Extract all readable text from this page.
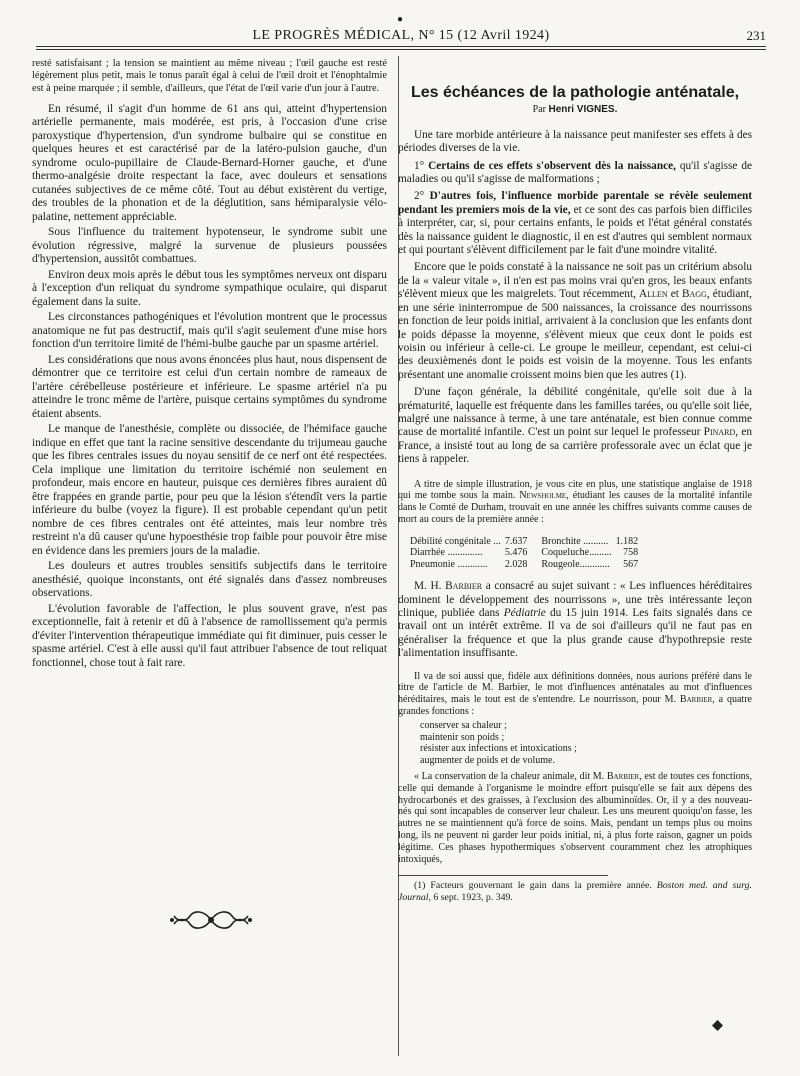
●
LE PROGRÈS MÉDICAL, N° 15 (12 Avril 1924)	231

resté satisfaisant ; la tension se maintient au même niveau ; l'œil gauche est resté légèrement plus petit, mais le tonus paraît égal à celui de l'œil droit et l'énophtalmie est à peine marquée ; il semble, d'ailleurs, que l'état de l'œil varie d'un jour à l'autre.

En résumé, il s'agit d'un homme de 61 ans qui, atteint d'hypertension artérielle permanente, mais modérée, est pris, à l'occasion d'une crise paroxystique d'hypertension, d'un syndrome bulbaire qui se constitue en quelques heures et est caractérisé par de la latéro-pulsion gauche, d'un syndrome oculo-pupillaire de Claude-Bernard-Horner gauche, et d'une thermo-analgésie droite respectant la face, avec douleurs et sensations cutanées subjectives de ce même côté. Tout au début existèrent du vertige, des troubles de la phonation et de la déglutition, sans hémiparalysie vélo-palatine, nettement appréciable.

Sous l'influence du traitement hypotenseur, le syndrome subit une évolution régressive, malgré la survenue de plusieurs poussées d'hypertension, aussitôt combattues.

Environ deux mois après le début tous les symptômes nerveux ont disparu à l'exception d'un reliquat du syndrome sympathique oculaire, qui disparut également dans la suite.

Les circonstances pathogéniques et l'évolution montrent que le processus anatomique ne fut pas destructif, mais qu'il s'agit seulement d'une mise hors fonction d'un territoire limité de l'hémi-bulbe gauche par un spasme artériel.

Les considérations que nous avons énoncées plus haut, nous dispensent de démontrer que ce territoire est celui d'un certain nombre de rameaux de l'artère cérébelleuse postérieure et inférieure. Le spasme artériel n'a pu atteindre le tronc même de l'artère, puisque certains symptômes du syndrome étaient absents.

Le manque de l'anesthésie, complète ou dissociée, de l'hémiface gauche indique en effet que tant la racine sensitive descendante du trijumeau gauche que les fibres centrales issues du noyau sensitif de ce nerf ont été respectées. Cela implique une limitation du territoire ischémié non seulement en profondeur, mais encore en hauteur, puisque ces dernières fibres auraient dû être frappées en grande partie, pour peu que la lésion s'étendît vers la partie inférieure du bulbe (voyez la figure). Il est probable cependant qu'un petit nombre de ces fibres centrales ont été atteintes, mais leur nombre très restreint n'a dû causer qu'une hypoesthésie trop faible pour pouvoir être mise en évidence dans les premiers jours de la maladie.

Les douleurs et autres troubles sensitifs subjectifs dans le territoire anesthésié, quoique inconstants, ont été signalés dans d'assez nombreuses observations.

L'évolution favorable de l'affection, le plus souvent grave, n'est pas exceptionnelle, fait à retenir et dû à l'absence de ramollissement qu'a permis d'éviter l'intervention thérapeutique immédiate qui fit diminuer, puis cesser le spasme artériel. C'est à elle aussi qu'il faut attribuer l'absence de tout reliquat fonctionnel, chose tout à fait rare.

Les échéances de la pathologie anténatale,
Par Henri VIGNES.

Une tare morbide antérieure à la naissance peut manifester ses effets à des périodes diverses de la vie.

1° Certains de ces effets s'observent dès la naissance, qu'il s'agisse de maladies ou qu'il s'agisse de malformations ;

2° D'autres fois, l'influence morbide parentale se révèle seulement pendant les premiers mois de la vie, et ce sont des cas parfois bien difficiles à interpréter, car, si, pour certains enfants, le poids et l'état général constatés dès la naissance guident le diagnostic, il en est d'autres qui semblent normaux et qui pourtant s'élèvent difficilement par le fait d'une moindre vitalité.

Encore que le poids constaté à la naissance ne soit pas un critérium absolu de la « valeur vitale », il n'en est pas moins vrai qu'en gros, les beaux enfants s'élèvent mieux que les maigrelets. Tout récemment, Allen et Bagg, étudiant, en une série ininterrompue de 500 naissances, la croissance des nourrissons en fonction de leur poids initial, arrivaient à la conclusion que les enfants dont le poids dépasse la moyenne, s'élèvent mieux que ceux dont le poids est voisin ou inférieur à celle-ci. Le groupe le meilleur, cependant, est celui-ci des deuxièmenés dont le poids est voisin de la moyenne. Tous les enfants présentant une anomalie croissent moins bien que les autres (1).

D'une façon générale, la débilité congénitale, qu'elle soit due à la prématurité, laquelle est fréquente dans les familles tarées, ou qu'elle soit liée, malgré une naissance à terme, à une tare anténatale, est bien connue comme cause de mortalité infantile. C'est un point sur lequel le professeur Pinard, en France, a insisté tout au long de sa carrière professorale avec un éclat que je tiens à rappeler.

A titre de simple illustration, je vous cite en plus, une statistique anglaise de 1918 qui me tombe sous la main. Newsholme, étudiant les causes de la mortalité infantile dans le Comté de Durham, trouvait en une année les chiffres suivants comme causes de mort au cours de la première année :

Débilité congénitale ...	7.637	Bronchite ..........	1.182
Diarrhée ..............	5.476	Coqueluche.........	758
Pneumonie ............	2.028	Rougeole............	567

M. H. Barbier a consacré au sujet suivant : « Les influences héréditaires dominent le développement des nourrissons », une très intéressante leçon clinique, publiée dans Pédiatrie du 15 juin 1914. Les faits signalés dans ce travail ont un intérêt extrême. Il va de soi d'ailleurs qu'il ne faut pas en généraliser la fréquence et que la plus grande cause d'hypothrepsie reste l'alimentation insuffisante.

Il va de soi aussi que, fidèle aux définitions données, nous aurions préféré dans le titre de l'article de M. Barbier, le mot d'influences anténatales au mot d'influences héréditaires, mais le tout est de s'entendre. Le nourrisson, pour M. Barbier, a quatre grandes fonctions :

conserver sa chaleur ;
maintenir son poids ;
résister aux infections et intoxications ;
augmenter de poids et de volume.

« La conservation de la chaleur animale, dit M. Barbier, est de toutes ces fonctions, celle qui demande à l'organisme le moindre effort puisqu'elle se fait aux dépens des hydrocarbonés et des graisses, à l'exclusion des albuminoïdes. Or, il y a des nouveau-nés qui sont incapables de conserver leur chaleur. Les uns meurent quoiqu'on fasse, les autres ne se maintiennent qu'à force de soins. Mais, pendant un temps plus ou moins long, ils ne peuvent ni garder leur poids initial, ni, à plus forte raison, gagner un poids légitime. Ces phases hypothermiques s'observent couramment chez les atrophiques intoxiqués,

(1) Facteurs gouvernant le gain dans la première année. Boston med. and surg. Journal, 6 sept. 1923, p. 349.
